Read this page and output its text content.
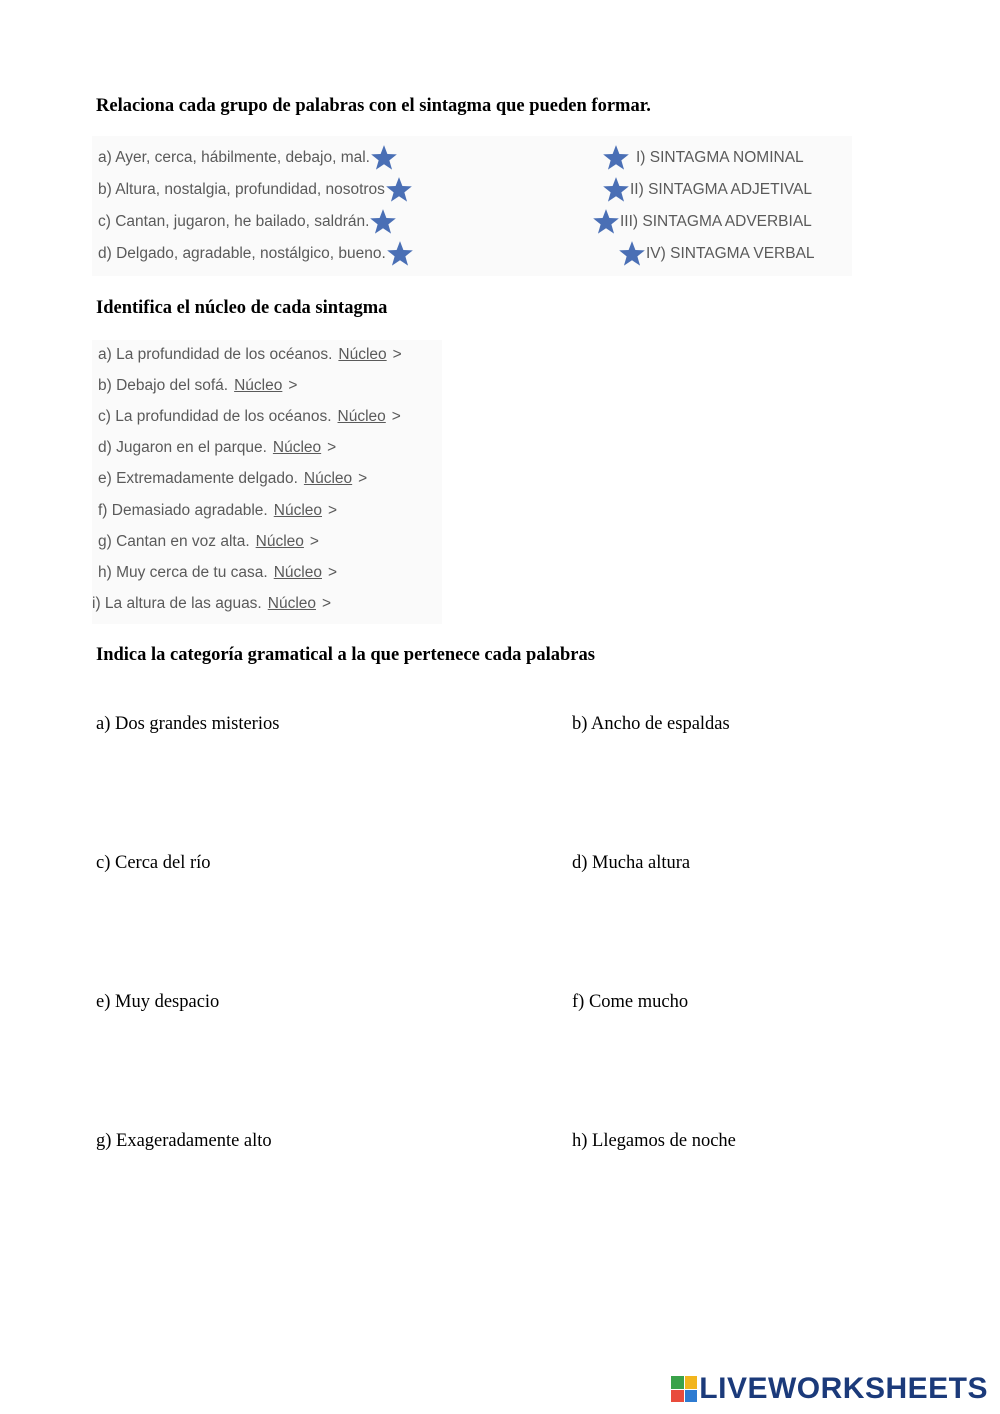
Relaciona cada grupo de palabras con el sintagma que pueden formar.
a) Ayer, cerca, hábilmente, debajo, mal.
b) Altura, nostalgia, profundidad, nosotros
c) Cantan, jugaron, he bailado, saldrán.
d) Delgado, agradable, nostálgico, bueno.
I) SINTAGMA NOMINAL
II) SINTAGMA ADJETIVAL
III) SINTAGMA ADVERBIAL
IV) SINTAGMA VERBAL
Identifica el núcleo de cada sintagma
a) La profundidad de los océanos. Núcleo >
b) Debajo del sofá. Núcleo >
c) La profundidad de los océanos. Núcleo >
d) Jugaron en el parque. Núcleo >
e) Extremadamente delgado. Núcleo >
f) Demasiado agradable. Núcleo >
g) Cantan en voz alta. Núcleo >
h) Muy cerca de tu casa. Núcleo >
i) La altura de las aguas. Núcleo >
Indica la categoría gramatical a la que pertenece cada palabras
a) Dos grandes misterios	b) Ancho de espaldas
c) Cerca del río	d) Mucha altura
e) Muy despacio	f) Come mucho
g) Exageradamente alto	h) Llegamos de noche
LIVEWORKSHEETS
